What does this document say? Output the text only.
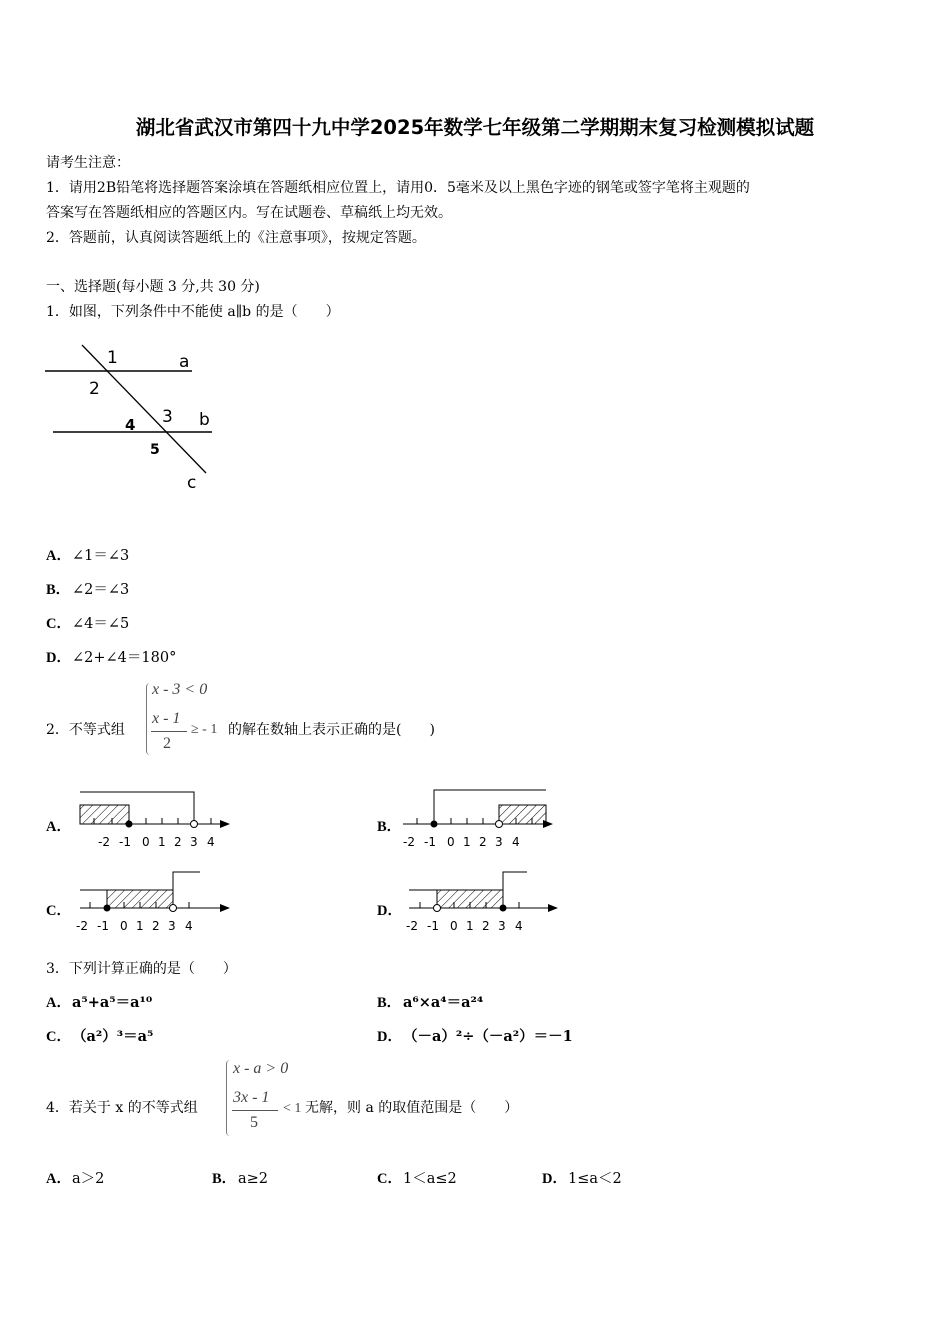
湖北省武汉市第四十九中学2025年数学七年级第二学期期末复习检测模拟试题
请考生注意：
1．请用2B铅笔将选择题答案涂填在答题纸相应位置上，请用0．5毫米及以上黑色字迹的钢笔或签字笔将主观题的
答案写在答题纸相应的答题区内。写在试题卷、草稿纸上均无效。
2．答题前，认真阅读答题纸上的《注意事项》，按规定答题。
一、选择题(每小题 3 分,共 30 分)
1．如图，下列条件中不能使 a∥b 的是（　　）
1	a
2
3 b
4
5
c
A．∠1＝∠3
B． ∠2＝∠3
C．∠4＝∠5
D．∠2+∠4＝180°
2．不等式组
x - 3 < 0
x - 1
2
≥ - 1 的解在数轴上表示正确的是(　　)
A．	B．
C．	D．
-2 -1 0 1 2 3 4	-2 -1 0 1 2 3 4
-2 -1 0 1 2 3 4	-2 -1 0 1 2 3 4
3．下列计算正确的是（　　）
A．a⁵+a⁵＝a¹⁰	B． a⁶×a⁴＝a²⁴
C．（a²）³＝a⁵	D．（－a）²÷（－a²）＝－1
4．若关于 x 的不等式组
x - a > 0
3x - 1
5
< 1 无解，则 a 的取值范围是（　　）
A．a＞2	B． a≥2	C．1＜a≤2	D．1≤a＜2
